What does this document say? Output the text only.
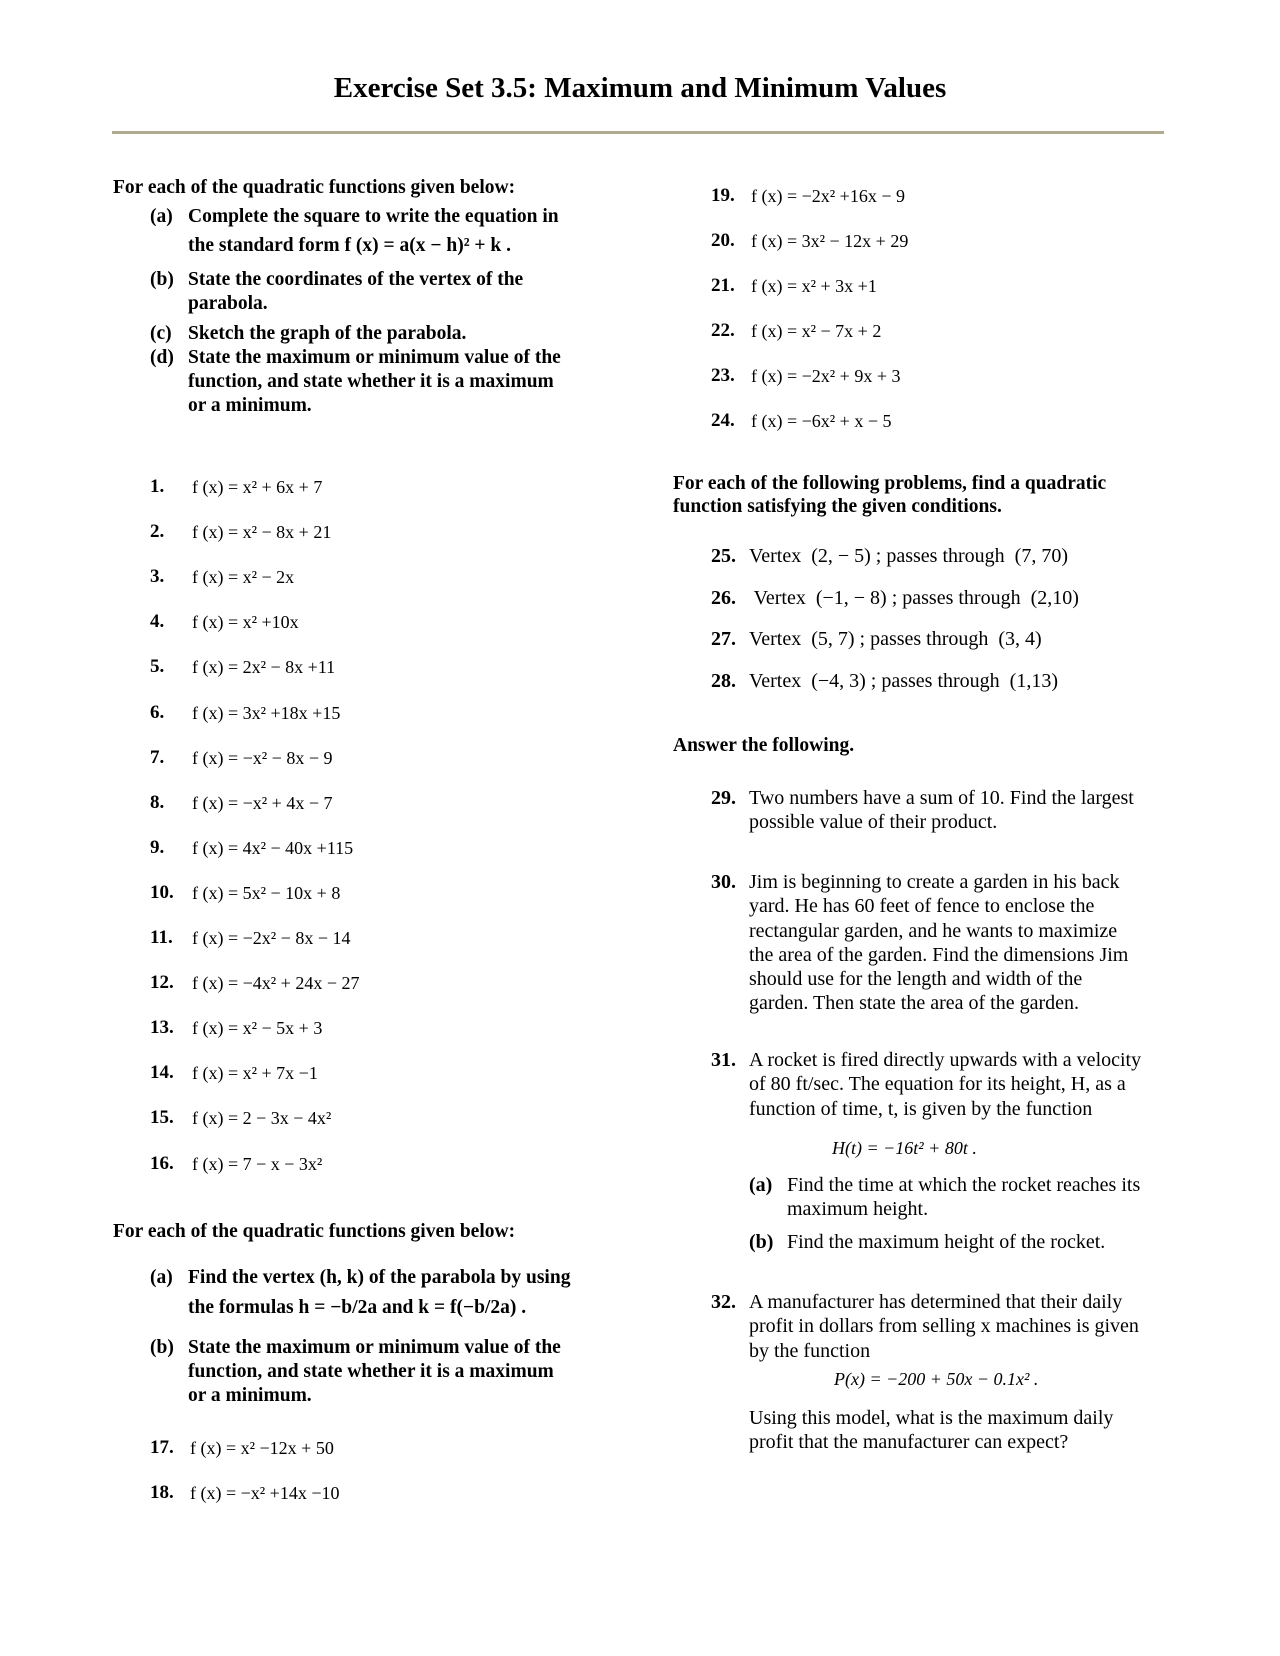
Exercise Set 3.5: Maximum and Minimum Values
For each of the quadratic functions given below:
(a) Complete the square to write the equation in
the standard form f (x) = a(x − h)² + k .
(b) State the coordinates of the vertex of the
parabola.
(c) Sketch the graph of the parabola.
(d) State the maximum or minimum value of the
function, and state whether it is a maximum
or a minimum.
1. f (x) = x² + 6x + 7
2. f (x) = x² − 8x + 21
3. f (x) = x² − 2x
4. f (x) = x² +10x
5. f (x) = 2x² − 8x +11
6. f (x) = 3x² +18x +15
7. f (x) = −x² − 8x − 9
8. f (x) = −x² + 4x − 7
9. f (x) = 4x² − 40x +115
10. f (x) = 5x² − 10x + 8
11. f (x) = −2x² − 8x − 14
12. f (x) = −4x² + 24x − 27
13. f (x) = x² − 5x + 3
14. f (x) = x² + 7x −1
15. f (x) = 2 − 3x − 4x²
16. f (x) = 7 − x − 3x²
For each of the quadratic functions given below:
(a) Find the vertex (h, k) of the parabola by using
the formulas h = −b/2a and k = f(−b/2a) .
(b) State the maximum or minimum value of the
function, and state whether it is a maximum
or a minimum.
17. f (x) = x² −12x + 50
18. f (x) = −x² +14x −10
19. f (x) = −2x² +16x − 9
20. f (x) = 3x² − 12x + 29
21. f (x) = x² + 3x +1
22. f (x) = x² − 7x + 2
23. f (x) = −2x² + 9x + 3
24. f (x) = −6x² + x − 5
For each of the following problems, find a quadratic
function satisfying the given conditions.
25. Vertex  (2, − 5) ; passes through  (7, 70)
26. Vertex  (−1, − 8) ; passes through  (2,10)
27. Vertex  (5, 7) ; passes through  (3, 4)
28. Vertex  (−4, 3) ; passes through  (1,13)
Answer the following.
29. Two numbers have a sum of 10. Find the largest
possible value of their product.
30. Jim is beginning to create a garden in his back
yard. He has 60 feet of fence to enclose the
rectangular garden, and he wants to maximize
the area of the garden. Find the dimensions Jim
should use for the length and width of the
garden. Then state the area of the garden.
31. A rocket is fired directly upwards with a velocity
of 80 ft/sec. The equation for its height, H, as a
function of time, t, is given by the function
H(t) = −16t² + 80t .
(a) Find the time at which the rocket reaches its
maximum height.
(b) Find the maximum height of the rocket.
32. A manufacturer has determined that their daily
profit in dollars from selling x machines is given
by the function
P(x) = −200 + 50x − 0.1x² .
Using this model, what is the maximum daily
profit that the manufacturer can expect?
